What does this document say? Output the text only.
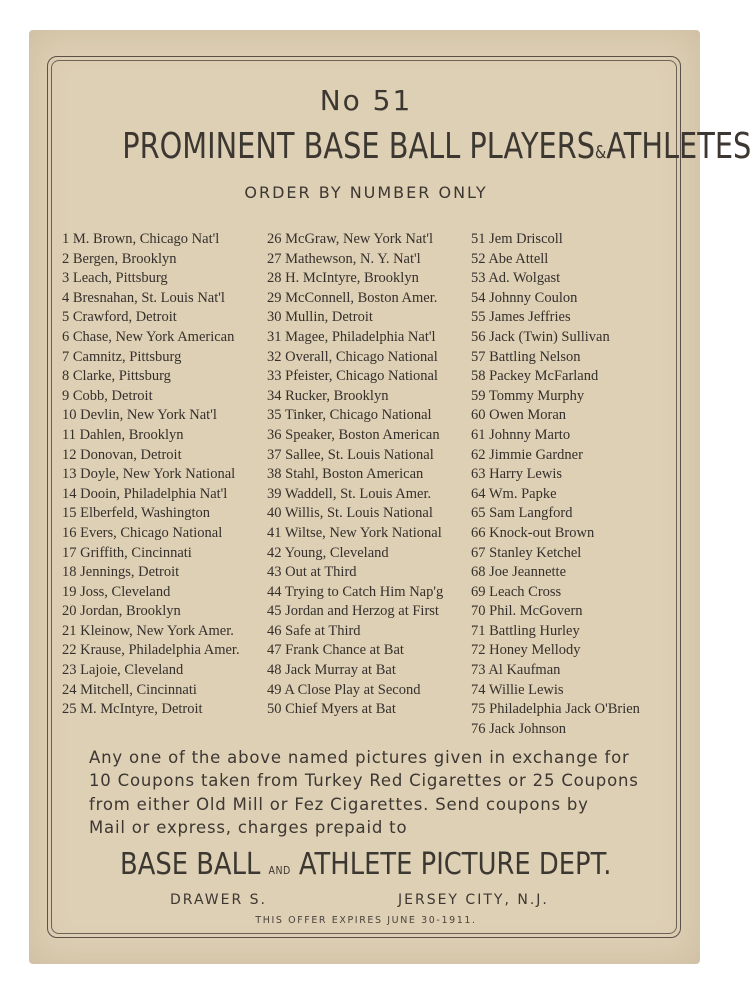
No 51
PROMINENT BASE BALL PLAYERS&ATHLETES
ORDER BY NUMBER ONLY
1 M. Brown, Chicago Nat'l
2 Bergen, Brooklyn
3 Leach, Pittsburg
4 Bresnahan, St. Louis Nat'l
5 Crawford, Detroit
6 Chase, New York American
7 Camnitz, Pittsburg
8 Clarke, Pittsburg
9 Cobb, Detroit
10 Devlin, New York Nat'l
11 Dahlen, Brooklyn
12 Donovan, Detroit
13 Doyle, New York National
14 Dooin, Philadelphia Nat'l
15 Elberfeld, Washington
16 Evers, Chicago National
17 Griffith, Cincinnati
18 Jennings, Detroit
19 Joss, Cleveland
20 Jordan, Brooklyn
21 Kleinow, New York Amer.
22 Krause, Philadelphia Amer.
23 Lajoie, Cleveland
24 Mitchell, Cincinnati
25 M. McIntyre, Detroit
26 McGraw, New York Nat'l
27 Mathewson, N. Y. Nat'l
28 H. McIntyre, Brooklyn
29 McConnell, Boston Amer.
30 Mullin, Detroit
31 Magee, Philadelphia Nat'l
32 Overall, Chicago National
33 Pfeister, Chicago National
34 Rucker, Brooklyn
35 Tinker, Chicago National
36 Speaker, Boston American
37 Sallee, St. Louis National
38 Stahl, Boston American
39 Waddell, St. Louis Amer.
40 Willis, St. Louis National
41 Wiltse, New York National
42 Young, Cleveland
43 Out at Third
44 Trying to Catch Him Nap'g
45 Jordan and Herzog at First
46 Safe at Third
47 Frank Chance at Bat
48 Jack Murray at Bat
49 A Close Play at Second
50 Chief Myers at Bat
51 Jem Driscoll
52 Abe Attell
53 Ad. Wolgast
54 Johnny Coulon
55 James Jeffries
56 Jack (Twin) Sullivan
57 Battling Nelson
58 Packey McFarland
59 Tommy Murphy
60 Owen Moran
61 Johnny Marto
62 Jimmie Gardner
63 Harry Lewis
64 Wm. Papke
65 Sam Langford
66 Knock-out Brown
67 Stanley Ketchel
68 Joe Jeannette
69 Leach Cross
70 Phil. McGovern
71 Battling Hurley
72 Honey Mellody
73 Al Kaufman
74 Willie Lewis
75 Philadelphia Jack O'Brien
76 Jack Johnson
Any one of the above named pictures given in exchange for
10 Coupons taken from Turkey Red Cigarettes or 25 Coupons
from either Old Mill or Fez Cigarettes. Send coupons by
Mail or express, charges prepaid to
BASE BALL AND ATHLETE PICTURE DEPT.
DRAWER S.	JERSEY CITY, N.J.
THIS OFFER EXPIRES JUNE 30-1911.
